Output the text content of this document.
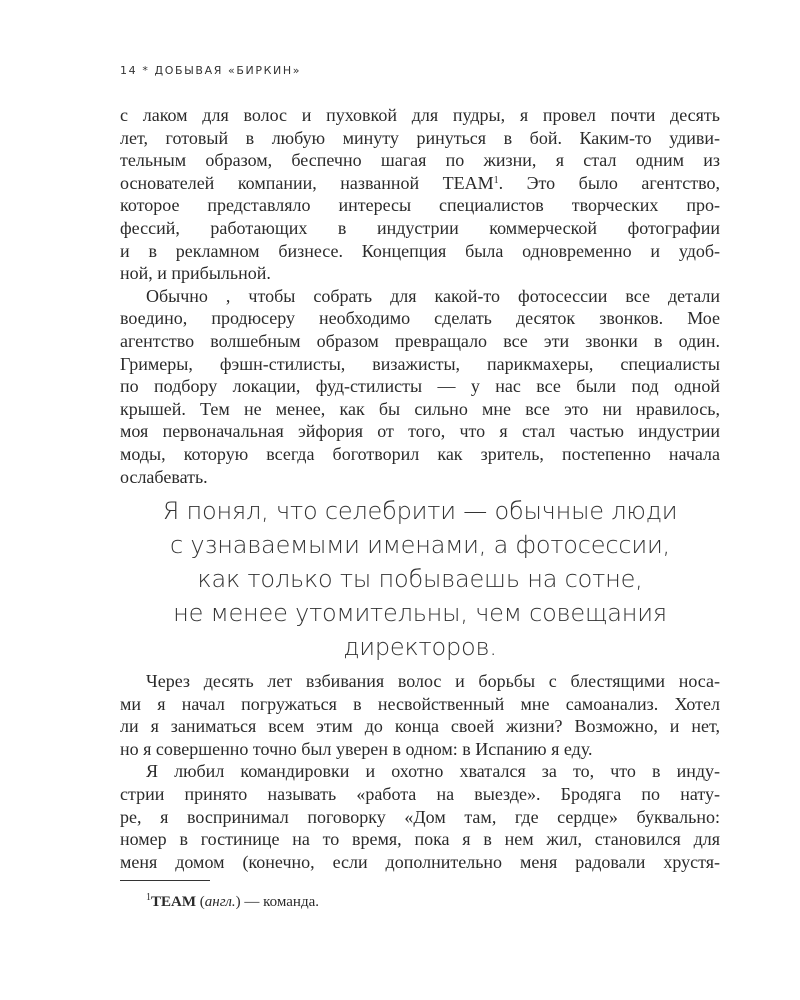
14 * ДОБЫВАЯ «БИРКИН»
с лаком для волос и пуховкой для пудры, я провел почти десять
лет, готовый в любую минуту ринуться в бой. Каким-то удиви-
тельным образом, беспечно шагая по жизни, я стал одним из
основателей компании, названной TEAM$^1$. Это было агентство,
которое представляло интересы специалистов творческих про-
фессий, работающих в индустрии коммерческой фотографии
и в рекламном бизнесе. Концепция была одновременно и удоб-
ной, и прибыльной.
Обычно , чтобы собрать для какой-то фотосессии все детали
воедино, продюсеру необходимо сделать десяток звонков. Мое
агентство волшебным образом превращало все эти звонки в один.
Гримеры, фэшн-стилисты, визажисты, парикмахеры, специалисты
по подбору локации, фуд-стилисты — у нас все были под одной
крышей. Тем не менее, как бы сильно мне все это ни нравилось,
моя первоначальная эйфория от того, что я стал частью индустрии
моды, которую всегда боготворил как зритель, постепенно начала
ослабевать.
Я понял, что селебрити — обычные люди
с узнаваемыми именами, а фотосессии,
как только ты побываешь на сотне,
не менее утомительны, чем совещания
директоров.
Через десять лет взбивания волос и борьбы с блестящими носа-
ми я начал погружаться в несвойственный мне самоанализ. Хотел
ли я заниматься всем этим до конца своей жизни? Возможно, и нет,
но я совершенно точно был уверен в одном: в Испанию я еду.
Я любил командировки и охотно хватался за то, что в инду-
стрии принято называть «работа на выезде». Бродяга по нату-
ре, я воспринимал поговорку «Дом там, где сердце» буквально:
номер в гостинице на то время, пока я в нем жил, становился для
меня домом (конечно, если дополнительно меня радовали хрустя-
$^1$TEAM (англ.) — команда.
